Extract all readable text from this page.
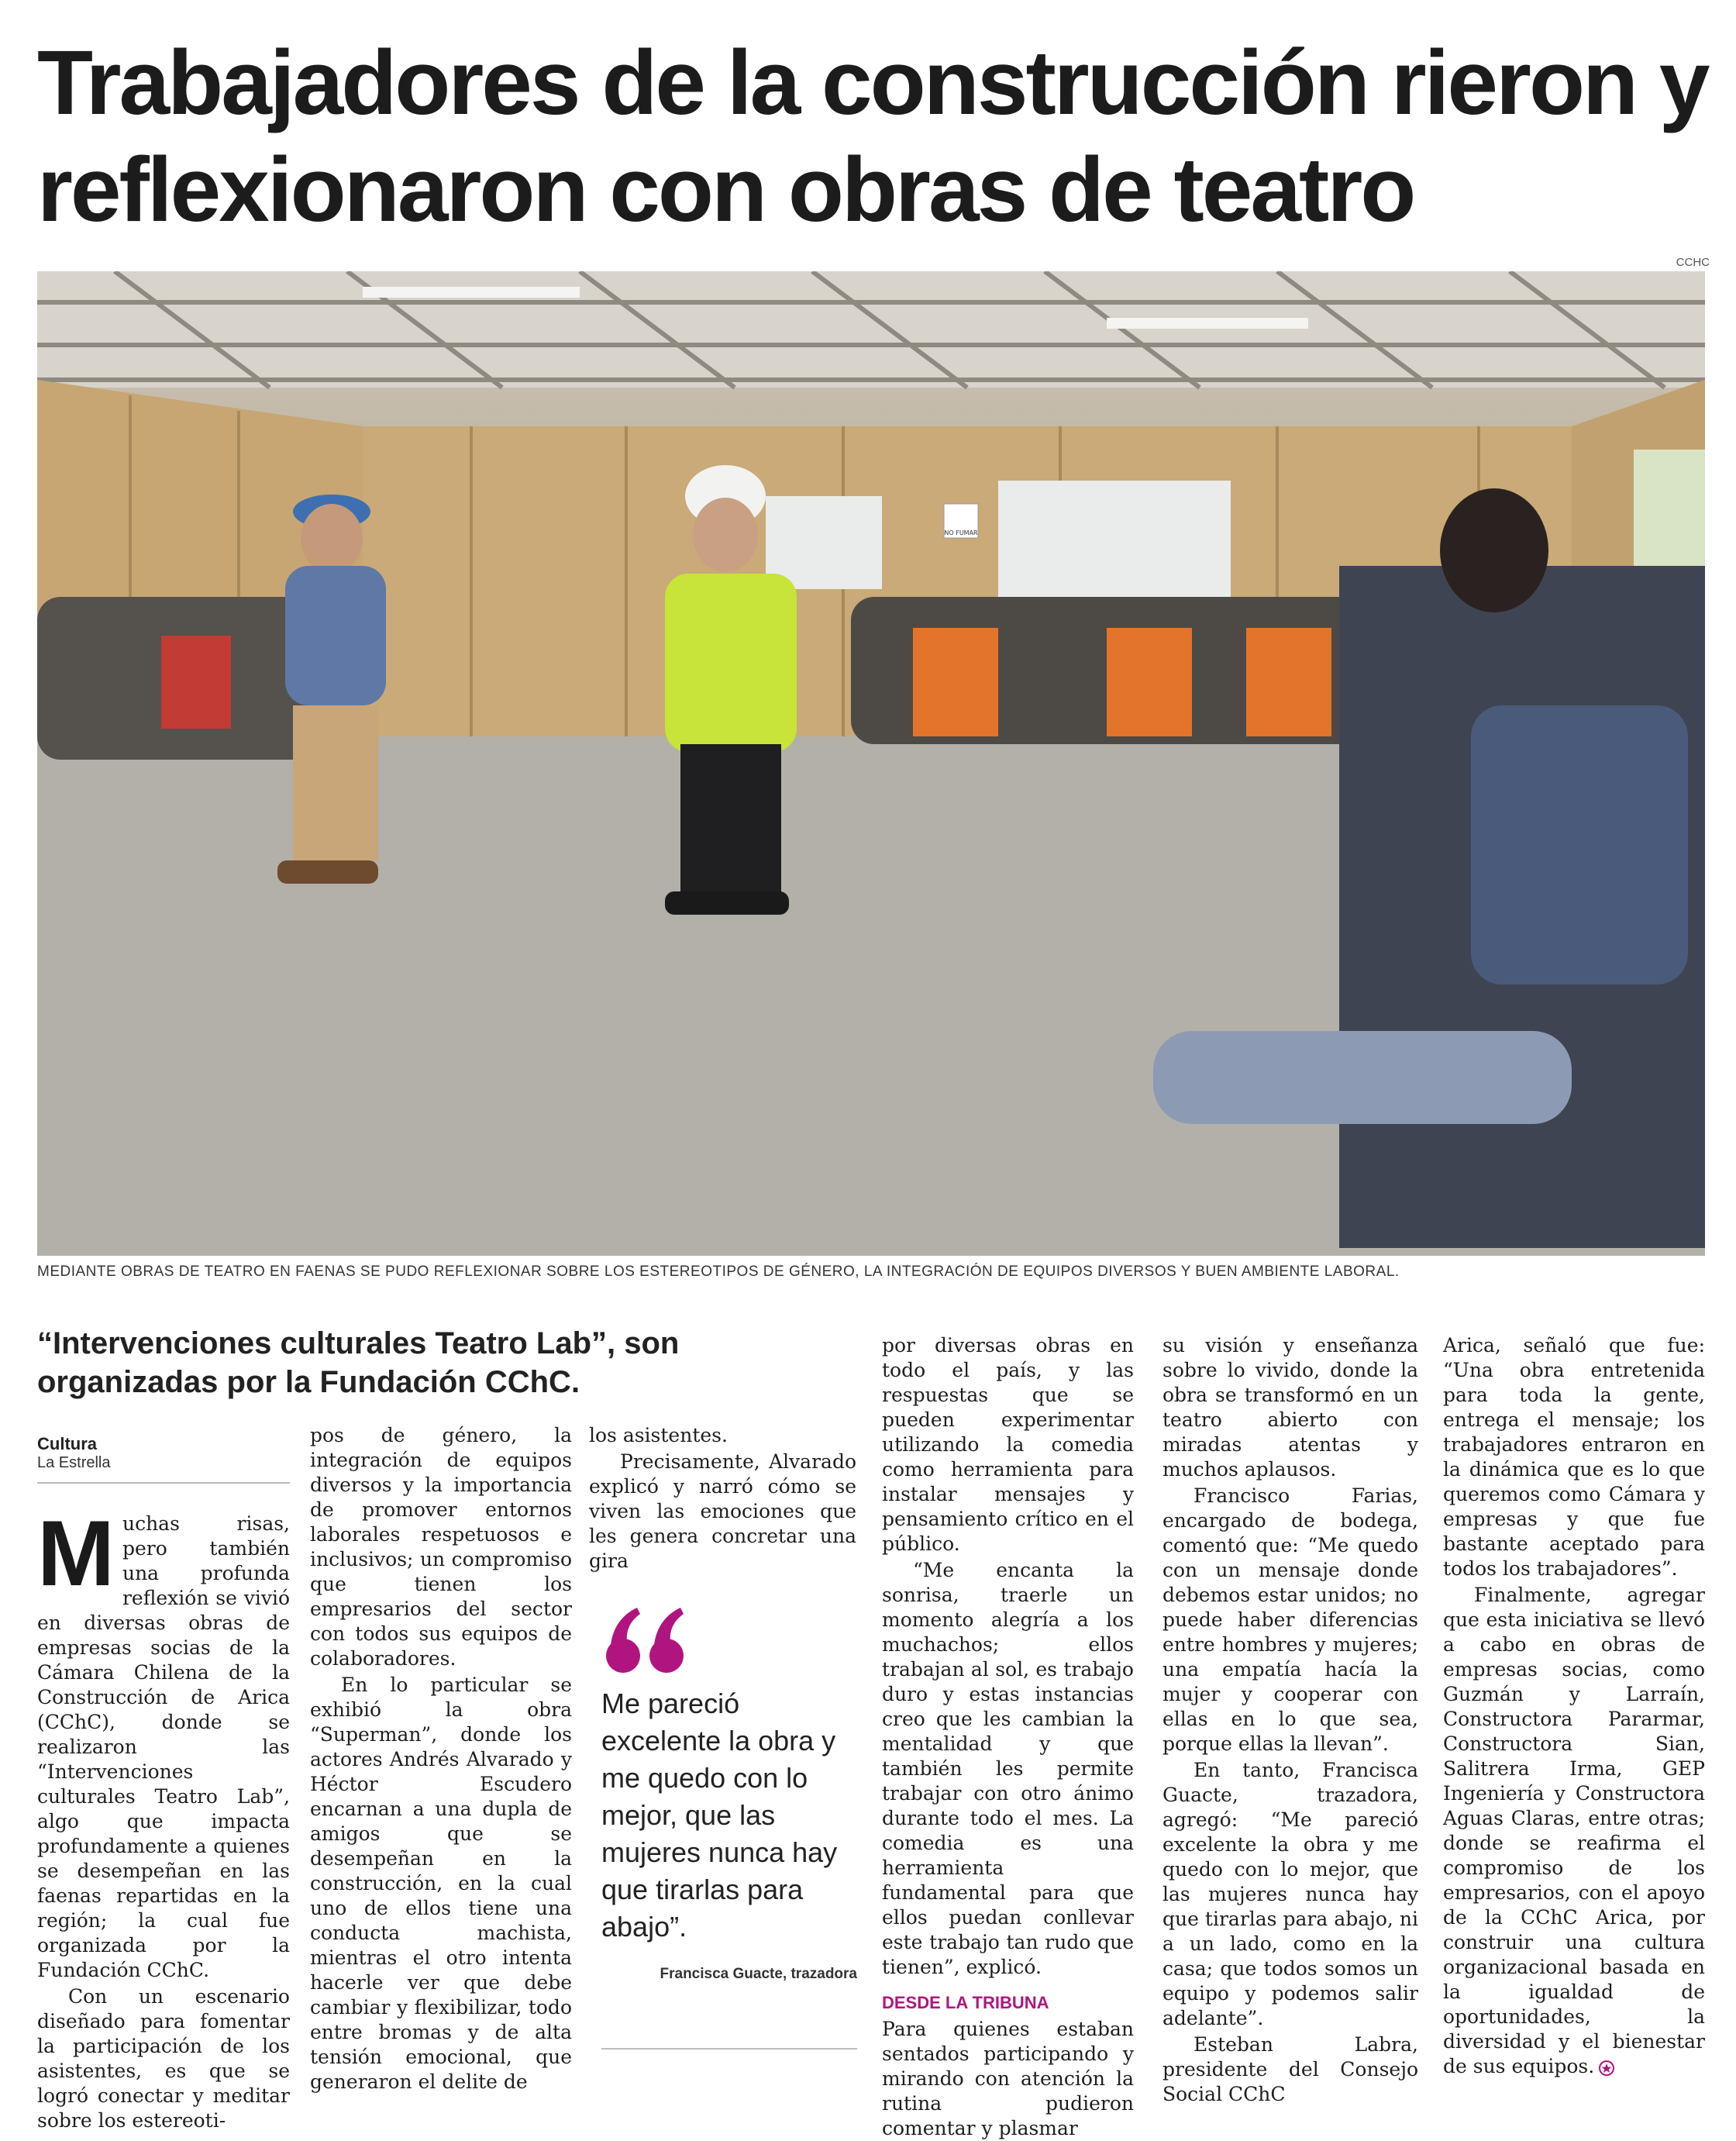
Trabajadores de la construcción rieron y reflexionaron con obras de teatro
CCHC
NO FUMAR
MEDIANTE OBRAS DE TEATRO EN FAENAS SE PUDO REFLEXIONAR SOBRE LOS ESTEREOTIPOS DE GÉNERO, LA INTEGRACIÓN DE EQUIPOS DIVERSOS Y BUEN AMBIENTE LABORAL.
“Intervenciones culturales Teatro Lab”, son organizadas por la Fundación CChC.
Cultura
La Estrella

Muchas risas, pero también una profunda reflexión se vivió en diversas obras de empresas socias de la Cámara Chilena de la Construcción de Arica (CChC), donde se realizaron las “Intervenciones culturales Teatro Lab”, algo que impacta profundamente a quienes se desempeñan en las faenas repartidas en la región; la cual fue organizada por la Fundación CChC.

Con un escenario diseñado para fomentar la participación de los asistentes, es que se logró conectar y meditar sobre los estereoti-

pos de género, la integración de equipos diversos y la importancia de promover entornos laborales respetuosos e inclusivos; un compromiso que tienen los empresarios del sector con todos sus equipos de colaboradores.

En lo particular se exhibió la obra “Superman”, donde los actores Andrés Alvarado y Héctor Escudero encarnan a una dupla de amigos que se desempeñan en la construcción, en la cual uno de ellos tiene una conducta machista, mientras el otro intenta hacerle ver que debe cambiar y flexibilizar, todo entre bromas y de alta tensión emocional, que generaron el delite de

los asistentes.

Precisamente, Alvarado explicó y narró cómo se viven las emociones que les genera concretar una gira

Me pareció excelente la obra y me quedo con lo mejor, que las mujeres nunca hay que tirarlas para abajo”.

Francisca Guacte, trazadora

por diversas obras en todo el país, y las respuestas que se pueden experimentar utilizando la comedia como herramienta para instalar mensajes y pensamiento crítico en el público.

“Me encanta la sonrisa, traerle un momento alegría a los muchachos; ellos trabajan al sol, es trabajo duro y estas instancias creo que les cambian la mentalidad y que también les permite trabajar con otro ánimo durante todo el mes. La comedia es una herramienta fundamental para que ellos puedan conllevar este trabajo tan rudo que tienen”, explicó.

DESDE LA TRIBUNA

Para quienes estaban sentados participando y mirando con atención la rutina pudieron comentar y plasmar

su visión y enseñanza sobre lo vivido, donde la obra se transformó en un teatro abierto con miradas atentas y muchos aplausos.

Francisco Farias, encargado de bodega, comentó que: “Me quedo con un mensaje donde debemos estar unidos; no puede haber diferencias entre hombres y mujeres; una empatía hacía la mujer y cooperar con ellas en lo que sea, porque ellas la llevan”.

En tanto, Francisca Guacte, trazadora, agregó: “Me pareció excelente la obra y me quedo con lo mejor, que las mujeres nunca hay que tirarlas para abajo, ni a un lado, como en la casa; que todos somos un equipo y podemos salir adelante”.

Esteban Labra, presidente del Consejo Social CChC

Arica, señaló que fue: “Una obra entretenida para toda la gente, entrega el mensaje; los trabajadores entraron en la dinámica que es lo que queremos como Cámara y empresas y que fue bastante aceptado para todos los trabajadores”.

Finalmente, agregar que esta iniciativa se llevó a cabo en obras de empresas socias, como Guzmán y Larraín, Constructora Pararmar, Constructora Sian, Salitrera Irma, GEP Ingeniería y Constructora Aguas Claras, entre otras; donde se reafirma el compromiso de los empresarios, con el apoyo de la CChC Arica, por construir una cultura organizacional basada en la igualdad de oportunidades, la diversidad y el bienestar de sus equipos.
